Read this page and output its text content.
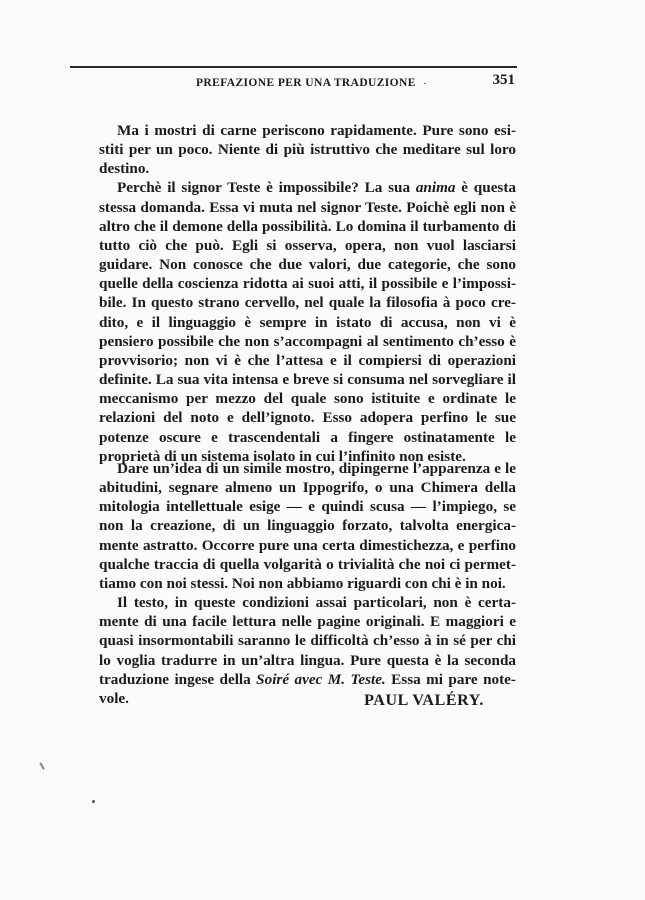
PREFAZIONE PER UNA TRADUZIONE ·	351

Ma i mostri di carne periscono rapidamente. Pure sono esistiti per un poco. Niente di più istruttivo che meditare sul loro destino.

Perchè il signor Teste è impossibile? La sua anima è questa stessa domanda. Essa vi muta nel signor Teste. Poichè egli non è altro che il demone della possibilità. Lo domina il turbamento di tutto ciò che può. Egli si osserva, opera, non vuol lasciarsi guidare. Non conosce che due valori, due categorie, che sono quelle della coscienza ridotta ai suoi atti, il possibile e l’impossibile. In questo strano cervello, nel quale la filosofia à poco credito, e il linguaggio è sempre in istato di accusa, non vi è pensiero possibile che non s’accompagni al sentimento ch’esso è provvisorio; non vi è che l’attesa e il compiersi di operazioni definite. La sua vita intensa e breve si consuma nel sorvegliare il meccanismo per mezzo del quale sono istituite e ordinate le relazioni del noto e dell’ignoto. Esso adopera perfino le sue potenze oscure e trascendentali a fingere ostinatamente le proprietà di un sistema isolato in cui l’infinito non esiste.

Dare un’idea di un simile mostro, dipingerne l’apparenza e le abitudini, segnare almeno un Ippogrifo, o una Chimera della mitologia intellettuale esige — e quindi scusa — l’impiego, se non la creazione, di un linguaggio forzato, talvolta energicamente astratto. Occorre pure una certa dimestichezza, e perfino qualche traccia di quella volgarità o trivialità che noi ci permettiamo con noi stessi. Noi non abbiamo riguardi con chi è in noi.

Il testo, in queste condizioni assai particolari, non è certamente di una facile lettura nelle pagine originali. E maggiori e quasi insormontabili saranno le difficoltà ch’esso à in sé per chi lo voglia tradurre in un’altra lingua. Pure questa è la seconda traduzione ingese della Soiré avec M. Teste. Essa mi pare notevole.	PAUL VALÉRY.
